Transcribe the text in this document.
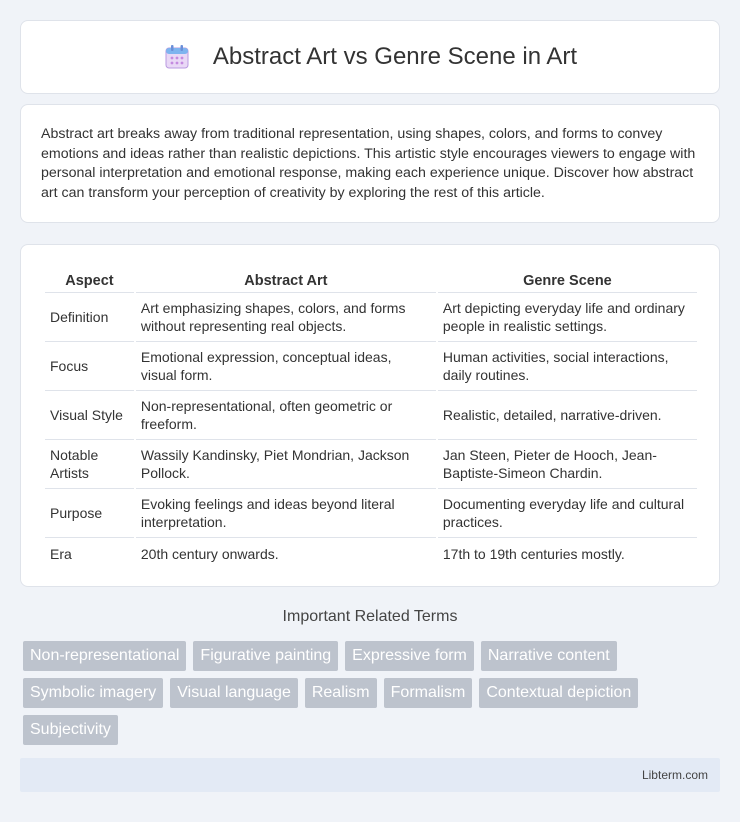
Abstract Art vs Genre Scene in Art

Abstract art breaks away from traditional representation, using shapes, colors, and forms to convey emotions and ideas rather than realistic depictions. This artistic style encourages viewers to engage with personal interpretation and emotional response, making each experience unique. Discover how abstract art can transform your perception of creativity by exploring the rest of this article.

Aspect	Abstract Art	Genre Scene
Definition	Art emphasizing shapes, colors, and forms without representing real objects.	Art depicting everyday life and ordinary people in realistic settings.
Focus	Emotional expression, conceptual ideas, visual form.	Human activities, social interactions, daily routines.
Visual Style	Non-representational, often geometric or freeform.	Realistic, detailed, narrative-driven.
Notable Artists	Wassily Kandinsky, Piet Mondrian, Jackson Pollock.	Jan Steen, Pieter de Hooch, Jean-Baptiste-Simeon Chardin.
Purpose	Evoking feelings and ideas beyond literal interpretation.	Documenting everyday life and cultural practices.
Era	20th century onwards.	17th to 19th centuries mostly.
Important Related Terms
Non-representational	Figurative painting	Expressive form	Narrative content
Symbolic imagery	Visual language	Realism	Formalism	Contextual depiction
Subjectivity
Libterm.com
